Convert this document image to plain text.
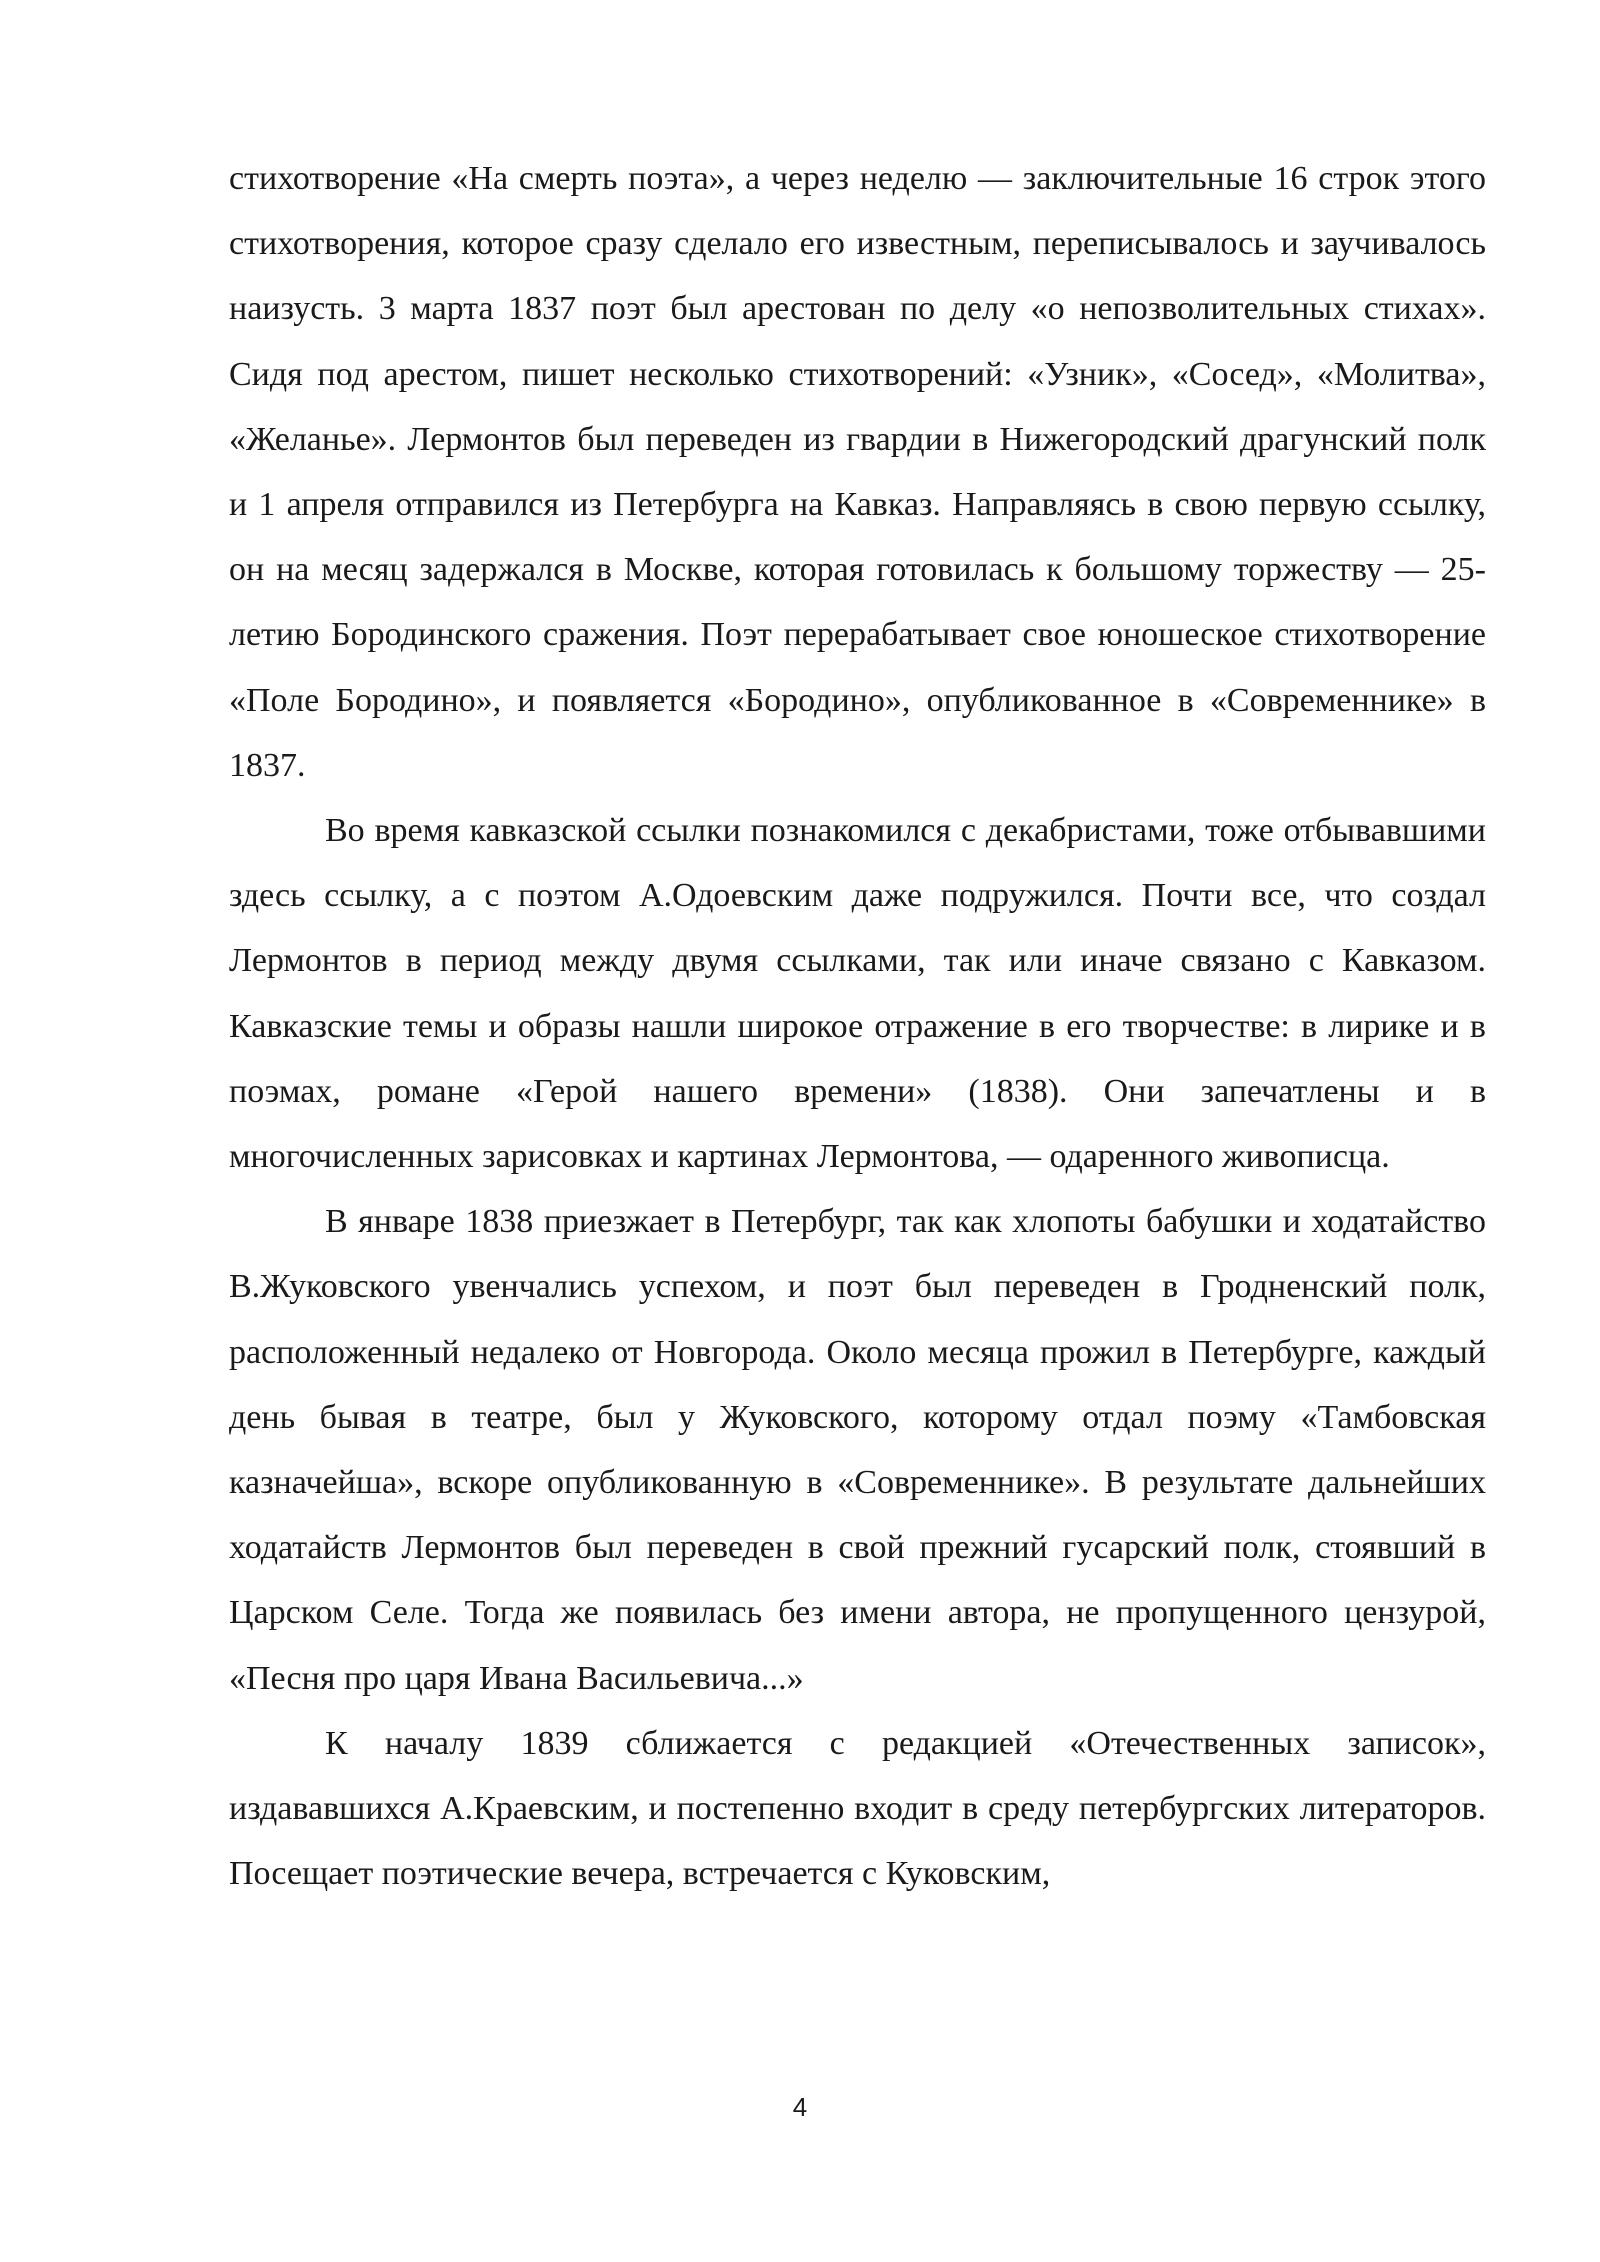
стихотворение «На смерть поэта», а через неделю — заключительные 16 строк этого стихотворения, которое сразу сделало его известным, переписывалось и заучивалось наизусть. 3 марта 1837 поэт был арестован по делу «о непозволительных стихах». Сидя под арестом, пишет несколько стихотворений: «Узник», «Сосед», «Молитва», «Желанье». Лермонтов был переведен из гвардии в Нижегородский драгунский полк и 1 апреля отправился из Петербурга на Кавказ. Направляясь в свою первую ссылку, он на месяц задержался в Москве, которая готовилась к большому торжеству — 25-летию Бородинского сражения. Поэт перерабатывает свое юношеское стихотворение «Поле Бородино», и появляется «Бородино», опубликованное в «Современнике» в 1837.

Во время кавказской ссылки познакомился с декабристами, тоже отбывавшими здесь ссылку, а с поэтом А.Одоевским даже подружился. Почти все, что создал Лермонтов в период между двумя ссылками, так или иначе связано с Кавказом. Кавказские темы и образы нашли широкое отражение в его творчестве: в лирике и в поэмах, романе «Герой нашего времени» (1838). Они запечатлены и в многочисленных зарисовках и картинах Лермонтова, — одаренного живописца.

В январе 1838 приезжает в Петербург, так как хлопоты бабушки и ходатайство В.Жуковского увенчались успехом, и поэт был переведен в Гродненский полк, расположенный недалеко от Новгорода. Около месяца прожил в Петербурге, каждый день бывая в театре, был у Жуковского, которому отдал поэму «Тамбовская казначейша», вскоре опубликованную в «Современнике». В результате дальнейших ходатайств Лермонтов был переведен в свой прежний гусарский полк, стоявший в Царском Селе. Тогда же появилась без имени автора, не пропущенного цензурой, «Песня про царя Ивана Васильевича...»

К началу 1839 сближается с редакцией «Отечественных записок», издававшихся А.Краевским, и постепенно входит в среду петербургских литераторов. Посещает поэтические вечера, встречается с Куковским,

4
